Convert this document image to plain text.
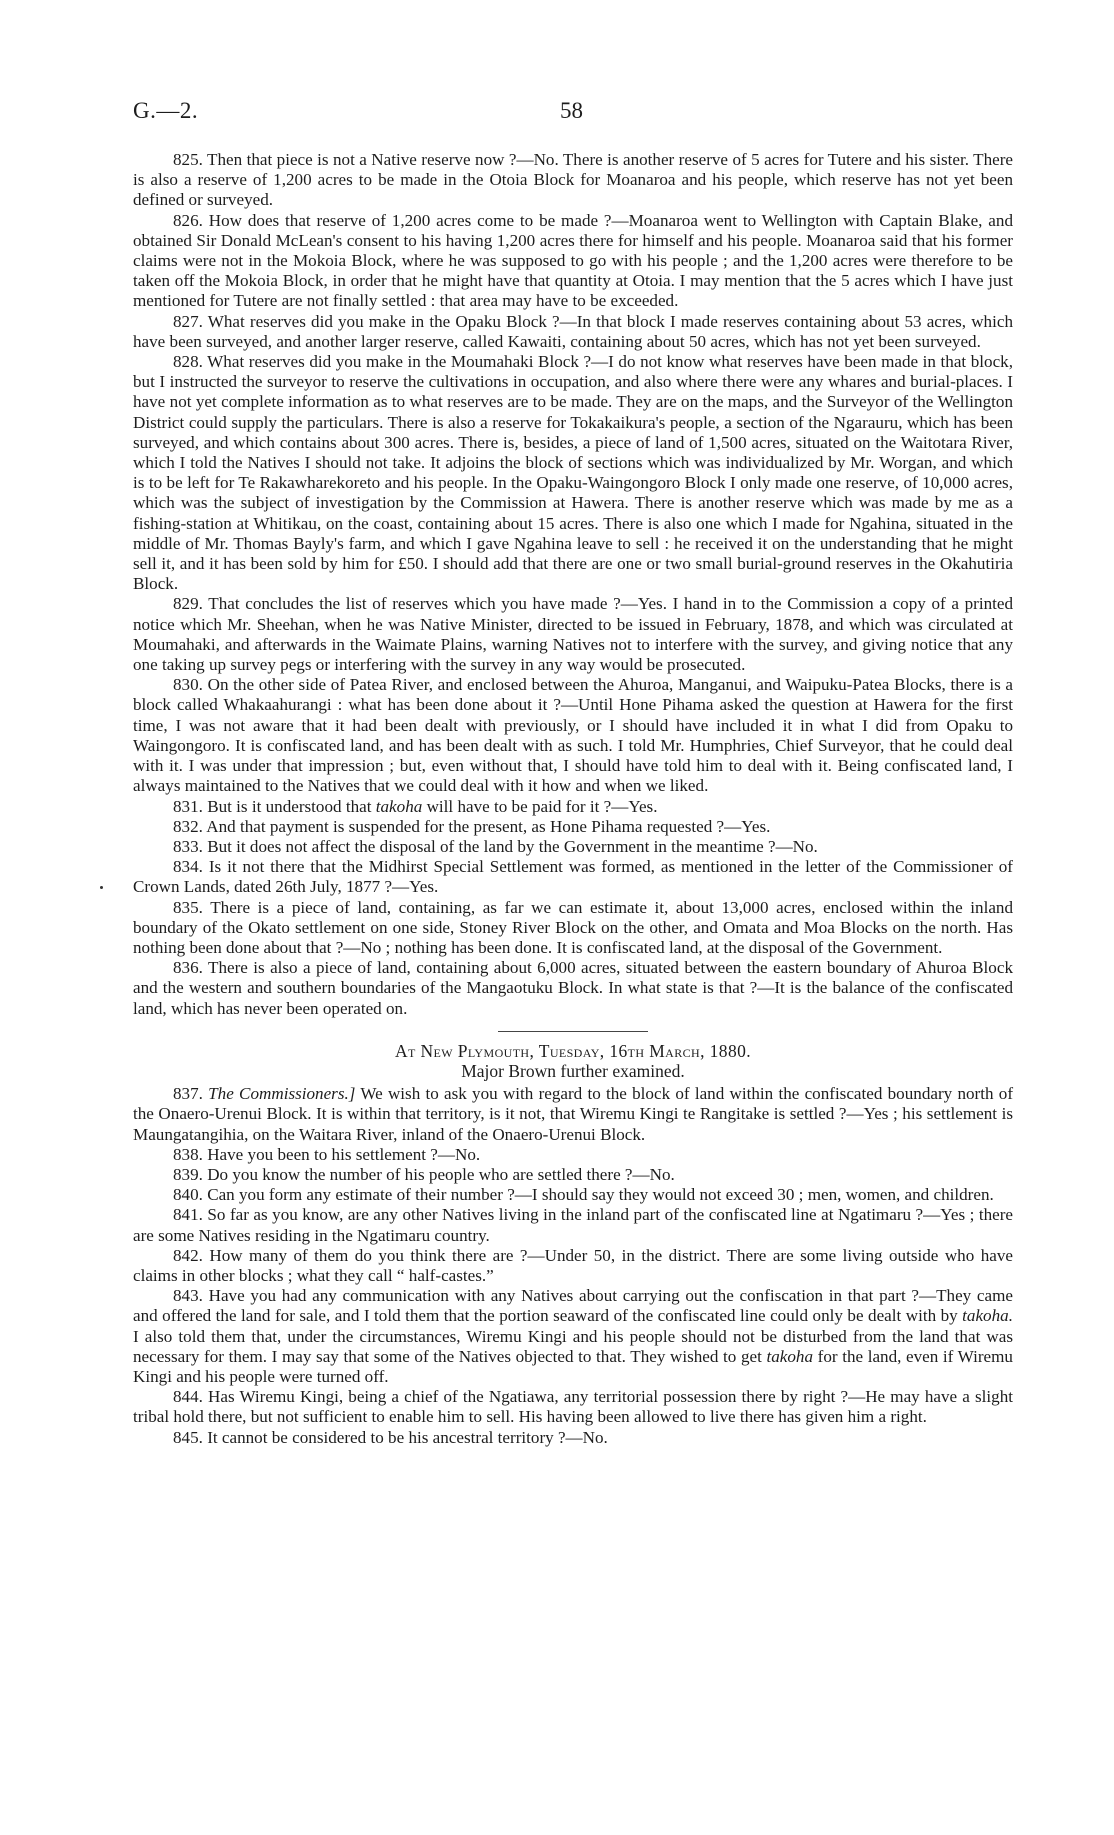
G.—2.	58

825. Then that piece is not a Native reserve now ?—No. There is another reserve of 5 acres for Tutere and his sister. There is also a reserve of 1,200 acres to be made in the Otoia Block for Moanaroa and his people, which reserve has not yet been defined or surveyed.

826. How does that reserve of 1,200 acres come to be made ?—Moanaroa went to Wellington with Captain Blake, and obtained Sir Donald McLean's consent to his having 1,200 acres there for himself and his people. Moanaroa said that his former claims were not in the Mokoia Block, where he was supposed to go with his people ; and the 1,200 acres were therefore to be taken off the Mokoia Block, in order that he might have that quantity at Otoia. I may mention that the 5 acres which I have just mentioned for Tutere are not finally settled : that area may have to be exceeded.

827. What reserves did you make in the Opaku Block ?—In that block I made reserves containing about 53 acres, which have been surveyed, and another larger reserve, called Kawaiti, containing about 50 acres, which has not yet been surveyed.

828. What reserves did you make in the Moumahaki Block ?—I do not know what reserves have been made in that block, but I instructed the surveyor to reserve the cultivations in occupation, and also where there were any whares and burial-places. I have not yet complete information as to what reserves are to be made. They are on the maps, and the Surveyor of the Wellington District could supply the particulars. There is also a reserve for Tokakaikura's people, a section of the Ngarauru, which has been surveyed, and which contains about 300 acres. There is, besides, a piece of land of 1,500 acres, situated on the Waitotara River, which I told the Natives I should not take. It adjoins the block of sections which was individualized by Mr. Worgan, and which is to be left for Te Rakawharekoreto and his people. In the Opaku-Waingongoro Block I only made one reserve, of 10,000 acres, which was the subject of investigation by the Commission at Hawera. There is another reserve which was made by me as a fishing-station at Whitikau, on the coast, containing about 15 acres. There is also one which I made for Ngahina, situated in the middle of Mr. Thomas Bayly's farm, and which I gave Ngahina leave to sell : he received it on the understanding that he might sell it, and it has been sold by him for £50. I should add that there are one or two small burial-ground reserves in the Okahutiria Block.

829. That concludes the list of reserves which you have made ?—Yes. I hand in to the Commission a copy of a printed notice which Mr. Sheehan, when he was Native Minister, directed to be issued in February, 1878, and which was circulated at Moumahaki, and afterwards in the Waimate Plains, warning Natives not to interfere with the survey, and giving notice that any one taking up survey pegs or interfering with the survey in any way would be prosecuted.

830. On the other side of Patea River, and enclosed between the Ahuroa, Manganui, and Waipuku-Patea Blocks, there is a block called Whakaahurangi : what has been done about it ?—Until Hone Pihama asked the question at Hawera for the first time, I was not aware that it had been dealt with previously, or I should have included it in what I did from Opaku to Waingongoro. It is confiscated land, and has been dealt with as such. I told Mr. Humphries, Chief Surveyor, that he could deal with it. I was under that impression ; but, even without that, I should have told him to deal with it. Being confiscated land, I always maintained to the Natives that we could deal with it how and when we liked.

831. But is it understood that takoha will have to be paid for it ?—Yes.

832. And that payment is suspended for the present, as Hone Pihama requested ?—Yes.

833. But it does not affect the disposal of the land by the Government in the meantime ?—No.

834. Is it not there that the Midhirst Special Settlement was formed, as mentioned in the letter of the Commissioner of Crown Lands, dated 26th July, 1877 ?—Yes.

835. There is a piece of land, containing, as far we can estimate it, about 13,000 acres, enclosed within the inland boundary of the Okato settlement on one side, Stoney River Block on the other, and Omata and Moa Blocks on the north. Has nothing been done about that ?—No ; nothing has been done. It is confiscated land, at the disposal of the Government.

836. There is also a piece of land, containing about 6,000 acres, situated between the eastern boundary of Ahuroa Block and the western and southern boundaries of the Mangaotuku Block. In what state is that ?—It is the balance of the confiscated land, which has never been operated on.

At New Plymouth, Tuesday, 16th March, 1880.

Major Brown further examined.

837. The Commissioners.] We wish to ask you with regard to the block of land within the confiscated boundary north of the Onaero-Urenui Block. It is within that territory, is it not, that Wiremu Kingi te Rangitake is settled ?—Yes ; his settlement is Maungatangihia, on the Waitara River, inland of the Onaero-Urenui Block.

838. Have you been to his settlement ?—No.

839. Do you know the number of his people who are settled there ?—No.

840. Can you form any estimate of their number ?—I should say they would not exceed 30 ; men, women, and children.

841. So far as you know, are any other Natives living in the inland part of the confiscated line at Ngatimaru ?—Yes ; there are some Natives residing in the Ngatimaru country.

842. How many of them do you think there are ?—Under 50, in the district. There are some living outside who have claims in other blocks ; what they call “ half-castes.”

843. Have you had any communication with any Natives about carrying out the confiscation in that part ?—They came and offered the land for sale, and I told them that the portion seaward of the confiscated line could only be dealt with by takoha. I also told them that, under the circumstances, Wiremu Kingi and his people should not be disturbed from the land that was necessary for them. I may say that some of the Natives objected to that. They wished to get takoha for the land, even if Wiremu Kingi and his people were turned off.

844. Has Wiremu Kingi, being a chief of the Ngatiawa, any territorial possession there by right ?—He may have a slight tribal hold there, but not sufficient to enable him to sell. His having been allowed to live there has given him a right.

845. It cannot be considered to be his ancestral territory ?—No.
